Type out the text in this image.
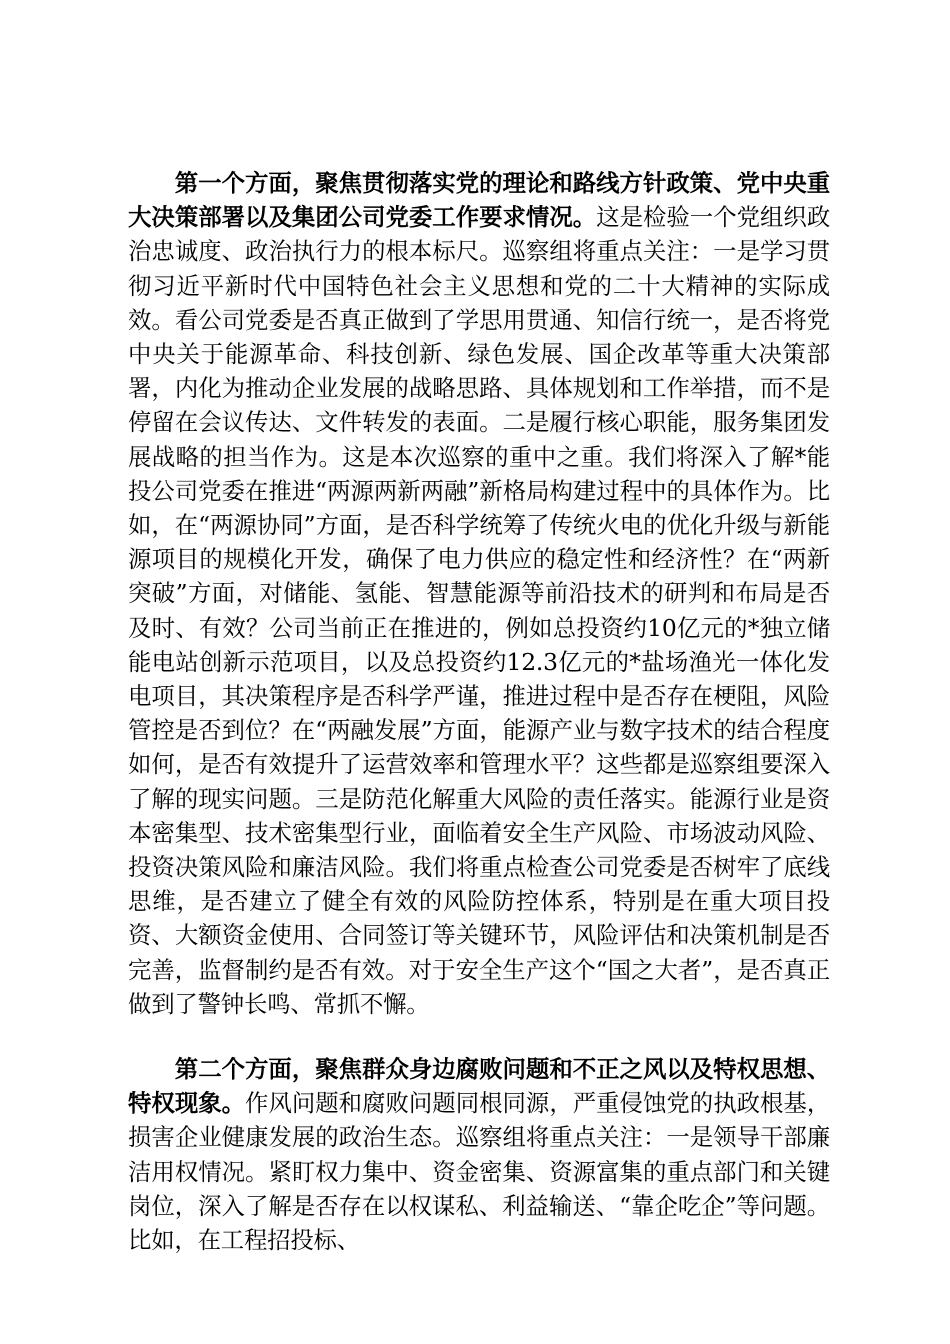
第一个方面，聚焦贯彻落实党的理论和路线方针政策、党中央重大决策部署以及集团公司党委工作要求情况。这是检验一个党组织政治忠诚度、政治执行力的根本标尺。巡察组将重点关注：一是学习贯彻习近平新时代中国特色社会主义思想和党的二十大精神的实际成效。看公司党委是否真正做到了学思用贯通、知信行统一，是否将党中央关于能源革命、科技创新、绿色发展、国企改革等重大决策部署，内化为推动企业发展的战略思路、具体规划和工作举措，而不是停留在会议传达、文件转发的表面。二是履行核心职能，服务集团发展战略的担当作为。这是本次巡察的重中之重。我们将深入了解*能投公司党委在推进“两源两新两融”新格局构建过程中的具体作为。比如，在“两源协同”方面，是否科学统筹了传统火电的优化升级与新能源项目的规模化开发，确保了电力供应的稳定性和经济性？在“两新突破”方面，对储能、氢能、智慧能源等前沿技术的研判和布局是否及时、有效？公司当前正在推进的，例如总投资约10亿元的*独立储能电站创新示范项目，以及总投资约12.3亿元的*盐场渔光一体化发电项目，其决策程序是否科学严谨，推进过程中是否存在梗阻，风险管控是否到位？在“两融发展”方面，能源产业与数字技术的结合程度如何，是否有效提升了运营效率和管理水平？这些都是巡察组要深入了解的现实问题。三是防范化解重大风险的责任落实。能源行业是资本密集型、技术密集型行业，面临着安全生产风险、市场波动风险、投资决策风险和廉洁风险。我们将重点检查公司党委是否树牢了底线思维，是否建立了健全有效的风险防控体系，特别是在重大项目投资、大额资金使用、合同签订等关键环节，风险评估和决策机制是否完善，监督制约是否有效。对于安全生产这个“国之大者”，是否真正做到了警钟长鸣、常抓不懈。

第二个方面，聚焦群众身边腐败问题和不正之风以及特权思想、特权现象。作风问题和腐败问题同根同源，严重侵蚀党的执政根基，损害企业健康发展的政治生态。巡察组将重点关注：一是领导干部廉洁用权情况。紧盯权力集中、资金密集、资源富集的重点部门和关键岗位，深入了解是否存在以权谋私、利益输送、“靠企吃企”等问题。比如，在工程招投标、
